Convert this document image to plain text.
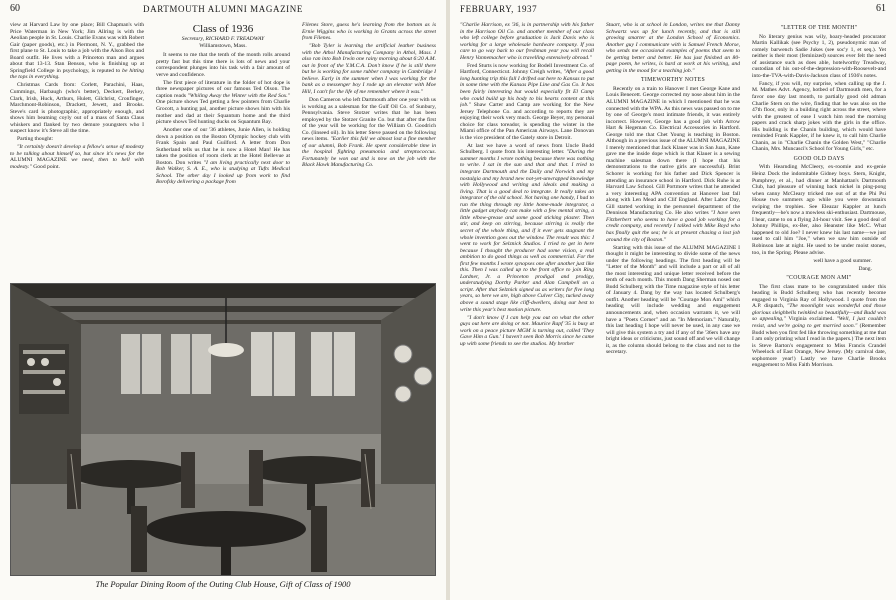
60	DARTMOUTH ALUMNI MAGAZINE

view at Harvard Law by one place; Bill Chapman's with Price Waterman in New York; Jim Allring is with the Aeolian people in St. Louis. Charlie Evans was with Robert Gair (paper goods), etc.) in Piermont, N. Y., grabbed the first plane to St. Louis to take a job with the Alson Box and Board outfit. He lives with a Princeton man and argues about that 13-13. Stan Benson, who is finishing up at Springfield College in psychology, is reputed to be hitting the tops in everything.

Christmas Cards from: Corlett, Parachini, Haas, Cummings, Harbaugh (who's better), Deckert, Berkey, Clark, Irish, Huck, Arthurs, Hulett, Gilchrist, Cronfinger, Marchmont-Robinson, Drackett, Jewett, and Brooks. Steve's card is photographic, appropriately enough, and shows him beaming coyly out of a mass of Santa Claus whiskers and flanked by two demure youngsters who I suspect know it's Steve all the time.

Parting thought:

"It certainly doesn't develop a fellow's sense of modesty to be talking about himself so, but since it's news for the ALUMNI MAGAZINE we need, then to hell with modesty." Good point.

Class of 1936
Secretary, RICHARD F. TREADWAY
Williamstown, Mass.

It seems to me that the tenth of the month rolls around pretty fast but this time there is lots of news and your correspondent plunges into his task with a fair amount of verve and confidence.

The first piece of literature in the folder of hot dope is three newspaper pictures of our famous Ted Olson. The caption reads "Whiling Away the Winter with the Red Sox." One picture shows Ted getting a few pointers from Charlie Grocott, a hunting pal, another picture shows him with his mother and dad at their Squantum home and the third picture shows Ted hunting ducks on Squantum Bay.

Another one of our '36 athletes, Junie Allen, is holding down a position on the Boston Olympic hockey club with Frank Spain and Paul Guilford. A letter from Don Sutherland tells us that he is now a Hotel Man! He has taken the position of room clerk at the Hotel Bellevue at Boston. Don writes "I am living practically next door to Bob Walker, S. A. E., who is studying at Tufts Medical School. The other day I looked up from work to find Borofsky delivering a package from

Filenes Store, guess he's learning from the bottom as is Ernie Wiggins who is working in Grants across the street from Filenes.

"Bob Tyler is learning the artificial leather business with the Athol Manufacturing Company in Athol, Mass. I also ran into Bob Irwin one rainy morning about 6:20 A.M. out in front of the Y.M.C.A. Don't know if he is still there but he is working for some rubber company in Cambridge I believe. Early in the summer when I was working for the bank as a messenger boy I rode up an elevator with Moe Hill, I can't for the life of me remember where it was."

Don Cameron who left Dartmouth after one year with us is working as a salesman for the Gulf Oil Co. of Sunbury, Pennsylvania. Steve Stotzer writes that he has been employed by the Stotzer Granite Co. but that after the first of the year will be working for the William O. Goodrich Co. (linseed oil). In his letter Steve passed on the following news items. "Earlier this fall we almost lost a fine member of our alumni, Bob Frank. He spent considerable time in the hospital fighting pneumonia and streptococcus. Fortunately he won out and is now on the job with the Black Hawk Manufacturing Co.

The Popular Dining Room of the Outing Club House, Gift of Class of 1900
FEBRUARY, 1937	61

"Charlie Harrison, ex '36, is in partnership with his father in the Harrison Oil Co. and another member of our class who left college before graduation is Jack Davis who is working for a large wholesale hardware company. If you care to go way back to our freshman year you will recall Henry Vannemacher who is travelling extensively abroad."

Fred Sturts is now working for Bodell Investment Co. of Hartford, Connecticut. Johnny Creigh writes, "After a good long hunting trip this fall I drifted out here to Kansas to put in some time with the Kansas Pipe Line and Gas Co. It has been fairly interesting but would especially fit El Camp who could build up his body to his hearts content at this job." Shaw Carter and Camp are working for the New Jersey Telephone Co. and according to reports they are enjoying their work very much. George Beyer, my personal choice for class toreador, is spending the winter in the Miami office of the Pan American Airways. Lane Donovan is the vice president of the Gately store in Detroit.

At last we have a word of news from Uncle Budd Schulberg. I quote from his interesting letter. "During the summer months I wrote nothing because there was nothing to write. I sat in the sun and that and that. I tried to integrate Dartmouth and the Daily and Norwich and my nostalgia and my brand new not-yet-unwrapped knowledge with Hollywood and writing and ideals and making a living. That is a good deal to integrate. It really takes an integrator of the old school. Not having one handy, I had to run the thing through my little home-made integrator, a little gadget anybody can make with a few mental string, a little elbow-grease and some good sticking plaster. Then stir, and keep on stirring, because stirring is really the secret of the whole thing, and if it ever gets stagnant the whole invention goes out the window. The result was this: I went to work for Selznick Studios. I tried to get in here because I thought the producer had some vision, a real ambition to do good things as well as commercial. For the first few months I wrote synopses one after another just like this. Then I was called up to the front office to join Ring Lardner, Jr. a Princeton prodigal and prodigy, understudying Dorthy Parker and Alan Campbell on a script. After that Selznick signed us as writers for five long years, so here we are, high above Culver City, tucked away above a sound stage like cliff-dwellers, doing our best to write this year's best motion picture.

"I don't know if I can help you out on what the other guys out here are doing or not. Maurice Rapf '35 is busy at work on a peace picture MGM is turning out, called 'They Gave Him a Gun.' I haven't seen Bob Morris since he came up with some friends to see the studios. My brother

Stuart, who is at school in London, writes me that Danny Schwartz was up for lunch recently, and that is still growing smarter at the London School of Economics. Another guy I communicate with is Samuel French Morse, who sends me occasional examples of poems that seem to be getting better and better. He has just finished an 80-page poem, he writes, is hard at work at his writing, and getting in the mood for a teaching job."

TIMEWORTHY NOTES

Recently on a train to Hanover I met George Kane and Louis Benecett. George corrected my nose about him in the ALUMNI MAGAZINE in which I mentioned that he was connected with the WPA. As this news was passed on to me by one of George's most intimate friends, it was entirely incorrect. However, George has a good job with Arrow Hart & Hegeman Co. Electrical Accessories in Hartford. George told me that Chet Young is teaching in Boston. Although in a previous issue of the ALUMNI MAGAZINE I merely mentioned that Jack Klauer was in San Juan, Kane gave me the inside dope which is that Klauer is a sewing machine salesman down there (I hope that his demonstrations to the native girls are successful). Brint Schorer is working for his father and Dick Spencer is attending an insurance school in Hartford. Dick Ruhe is at Harvard Law School. Gill Portmore writes that he attended a very interesting APA convention at Hanover last fall along with Len Mead and Clif England. After Labor Day, Gill started working in the personnel department of the Dennison Manufacturing Co. He also writes "I have seen Fitzherbert who seems to have a good job working for a credit company, and recently I talked with Mike Boyd who has finally quit the sea; he is at present chasing a lost job around the city of Boston."

Starting with this issue of the ALUMNI MAGAZINE I thought it might be interesting to divide some of the news under the following headings. The first heading will be "Letter of the Month" and will include a part or all of all the most interesting and unique letter received before the tenth of each month. This month Dang Sherman nosed out Budd Schulberg with the Time magazine style of his letter of January 4. Dang by the way has located Schulberg's outfit. Another heading will be "Courage Mon Ami" which heading will include wedding and engagement announcements and, when occasion warrants it, we will have a "Poets Corner" and an "In Memoriam." Naturally, this last heading I hope will never be used, in any case we will give this system a try and if any of the '36ers have any bright ideas or criticisms, just sound off and we will change it, as the column should belong to the class and not to the secretary.

"LETTER OF THE MONTH"

No literary genius was wily, hoary-headed procurator Martin Kallikak (see Psychy 1, 2), pseudonymic man of comely barwench Sadie Jukes (see soc'y 1, et seq.). Yet neither is their most (feminized) sources ever felt the need of assistance such as does able, hotelworthy Treadway, custodian of his out-of-the-depression-with-Roosevelt-and into-the-TVA-with-Davis-Jackson class of 1936's notes.

Fancy, if you will, my surprise, when calling up the J. M. Mathes Advt. Agency, hotbed of Dartmouth men, for a favor one day last month, to partially good old adman Charlie Stern on the wire, finding that he was also on the 47th floor, only in a building right across the street, where with the greatest of ease I watch him read the morning papers and crack sharp jokes with the girls in the office. His building is the Chanin building, which would have reminded Frank Kappler, if he knew it, to call him Charlie Chanin, as in "Charlie Chanin the Golden West," "Charlie Chanin, Mrs. Muncasci's School for Young Girls," etc.

GOOD OLD DAYS

With Hearnding McCleery, ex-roomie and ex-genie Heinz Dock the indomitable Gidney boys. Stern, Knight, Pumphrey, et al., had dinner at Manhattan's Dartmouth Club, had pleasure of winning back nickel in ping-pong when canny McCleary tricked me out of at the Phi Psi House two summers ago while you were downstairs swiping the trophies. See Eleazar Kappler at lunch frequently—he's now a mowless ski-enthusiast. Dartmouse, I hear, came to on a flying 24-hour visit. See a good deal of Johnny Phillips, ex-Ber, also Heanster like McC. What happened to old Joe? I never knew his last name—we just used to call him "Joe," when we saw him outside of Robinson late at night. He used to be under moist stones, too, in the Spring. Please advise.

well have a good summer.

Dang.

"COURAGE MON AMI"

The first class mate to be congratulated under this heading is Budd Schulberg who has recently become engaged to Virginia Ray of Hollywood. I quote from the A.P. dispatch, "The moonlight was wonderful and those glorious sleighbells twinkled so beautifully—and Budd was so appealing," Virginia exclaimed. "Well, I just couldn't resist, and we're going to get married soon." (Remember Budd when you first fed like throwing something at me that I am only printing what I read in the papers.) The next item is Steve Barton's engagement to Miss Francis Crandel Wheelock of East Orange, New Jersey. (My carnival date, sophomore year!) Lastly we have Charlie Brooks engagement to Miss Faith Morrison.
